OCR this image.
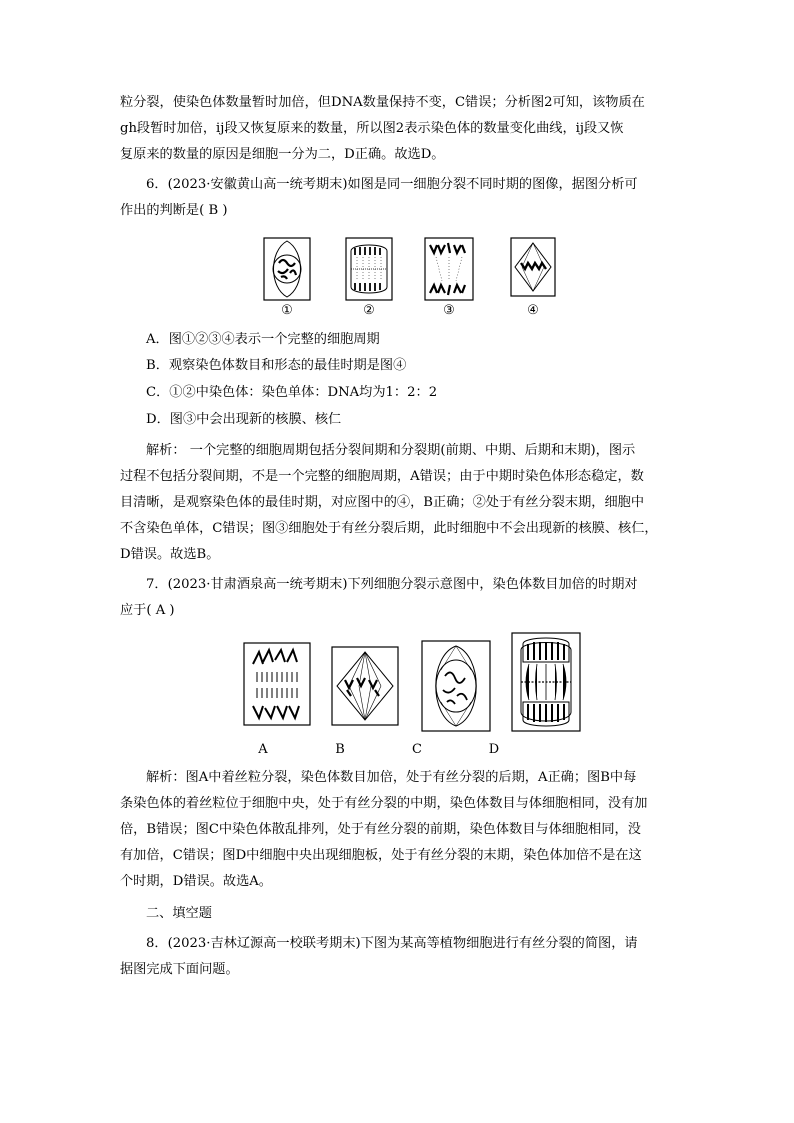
粒分裂，使染色体数量暂时加倍，但DNA数量保持不变，C错误；分析图2可知，该物质在
gh段暂时加倍，ij段又恢复原来的数量，所以图2表示染色体的数量变化曲线，ij段又恢
复原来的数量的原因是细胞一分为二，D正确。故选D。

6．(2023·安徽黄山高一统考期末)如图是同一细胞分裂不同时期的图像，据图分析可
作出的判断是( B )

①	②	③	④
A．图①②③④表示一个完整的细胞周期
B．观察染色体数目和形态的最佳时期是图④
C．①②中染色体：染色单体：DNA均为1：2：2
D．图③中会出现新的核膜、核仁

解析： 一个完整的细胞周期包括分裂间期和分裂期(前期、中期、后期和末期)，图示
过程不包括分裂间期，不是一个完整的细胞周期，A错误；由于中期时染色体形态稳定，数
目清晰，是观察染色体的最佳时期，对应图中的④，B正确；②处于有丝分裂末期，细胞中
不含染色单体，C错误；图③细胞处于有丝分裂后期，此时细胞中不会出现新的核膜、核仁，
D错误。故选B。

7．(2023·甘肃酒泉高一统考期末)下列细胞分裂示意图中，染色体数目加倍的时期对
应于( A )

A	B	C	D

解析：图A中着丝粒分裂，染色体数目加倍，处于有丝分裂的后期，A正确；图B中每
条染色体的着丝粒位于细胞中央，处于有丝分裂的中期，染色体数目与体细胞相同，没有加
倍，B错误；图C中染色体散乱排列，处于有丝分裂的前期，染色体数目与体细胞相同，没
有加倍，C错误；图D中细胞中央出现细胞板，处于有丝分裂的末期，染色体加倍不是在这
个时期，D错误。故选A。

二、填空题

8．(2023·吉林辽源高一校联考期末)下图为某高等植物细胞进行有丝分裂的简图，请
据图完成下面问题。
